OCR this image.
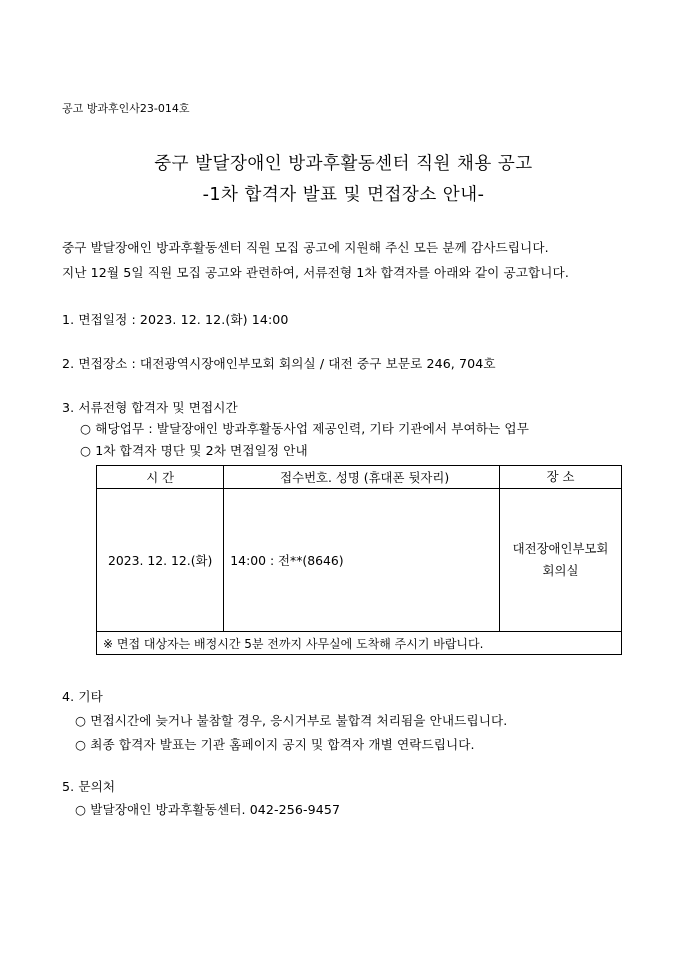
공고 방과후인사23-014호
중구 발달장애인 방과후활동센터 직원 채용 공고
-1차 합격자 발표 및 면접장소 안내-
중구 발달장애인 방과후활동센터 직원 모집 공고에 지원해 주신 모든 분께 감사드립니다.
지난 12월 5일 직원 모집 공고와 관련하여, 서류전형 1차 합격자를 아래와 같이 공고합니다.
1. 면접일정 : 2023. 12. 12.(화) 14:00
2. 면접장소 : 대전광역시장애인부모회 회의실 / 대전 중구 보문로 246, 704호
3. 서류전형 합격자 및 면접시간
○ 해당업무 : 발달장애인 방과후활동사업 제공인력, 기타 기관에서 부여하는 업무
○ 1차 합격자 명단 및 2차 면접일정 안내
시 간	접수번호. 성명 (휴대폰 뒷자리)	장 소
2023. 12. 12.(화)	14:00 : 전**(8646)	대전장애인부모회
회의실

※ 면접 대상자는 배정시간 5분 전까지 사무실에 도착해 주시기 바랍니다.		
4. 기타
○ 면접시간에 늦거나 불참할 경우, 응시거부로 불합격 처리됨을 안내드립니다.
○ 최종 합격자 발표는 기관 홈페이지 공지 및 합격자 개별 연락드립니다.
5. 문의처
○ 발달장애인 방과후활동센터. 042-256-9457
